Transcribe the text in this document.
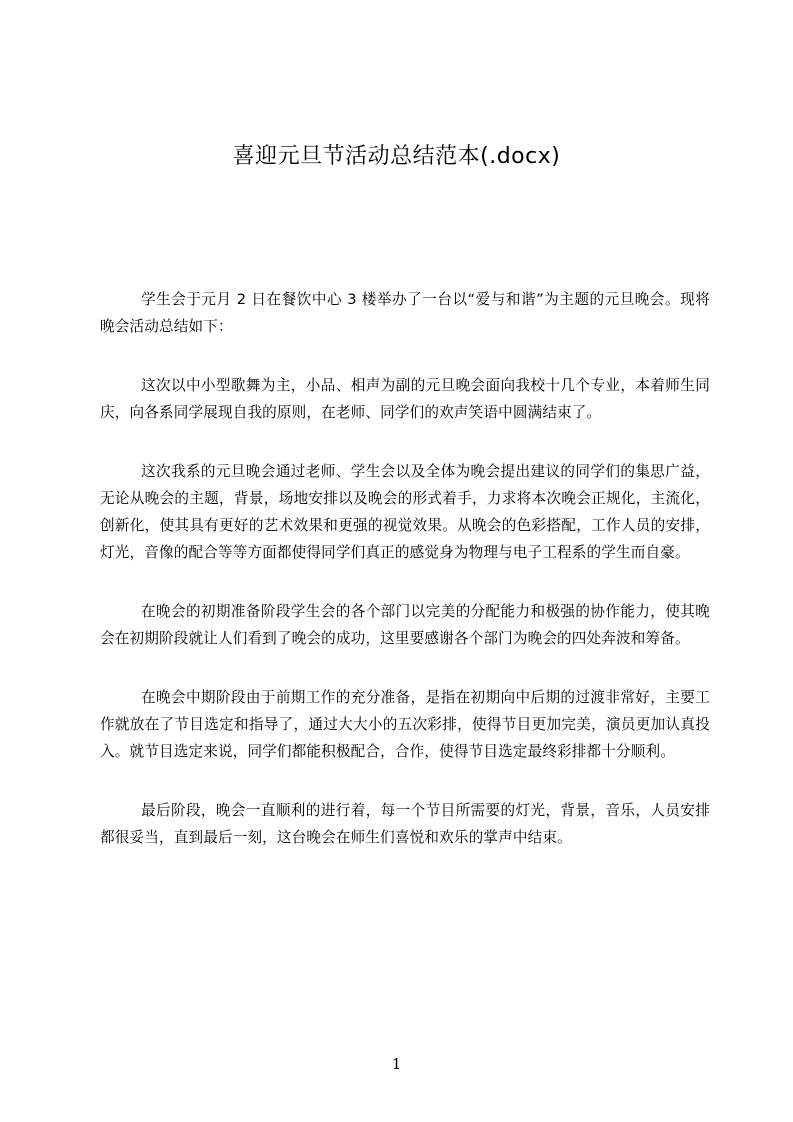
喜迎元旦节活动总结范本(.docx)

学生会于元月 2 日在餐饮中心 3 楼举办了一台以“爱与和谐”为主题的元旦晚会。现将晚会活动总结如下：

这次以中小型歌舞为主，小品、相声为副的元旦晚会面向我校十几个专业，本着师生同庆，向各系同学展现自我的原则，在老师、同学们的欢声笑语中圆满结束了。

这次我系的元旦晚会通过老师、学生会以及全体为晚会提出建议的同学们的集思广益，无论从晚会的主题，背景，场地安排以及晚会的形式着手，力求将本次晚会正规化，主流化，创新化，使其具有更好的艺术效果和更强的视觉效果。从晚会的色彩搭配，工作人员的安排，灯光，音像的配合等等方面都使得同学们真正的感觉身为物理与电子工程系的学生而自豪。

在晚会的初期准备阶段学生会的各个部门以完美的分配能力和极强的协作能力，使其晚会在初期阶段就让人们看到了晚会的成功，这里要感谢各个部门为晚会的四处奔波和筹备。

在晚会中期阶段由于前期工作的充分准备，是指在初期向中后期的过渡非常好，主要工作就放在了节目选定和指导了，通过大大小的五次彩排，使得节目更加完美，演员更加认真投入。就节目选定来说，同学们都能积极配合，合作，使得节目选定最终彩排都十分顺利。

最后阶段，晚会一直顺利的进行着，每一个节目所需要的灯光，背景，音乐，人员安排都很妥当，直到最后一刻，这台晚会在师生们喜悦和欢乐的掌声中结束。

1
